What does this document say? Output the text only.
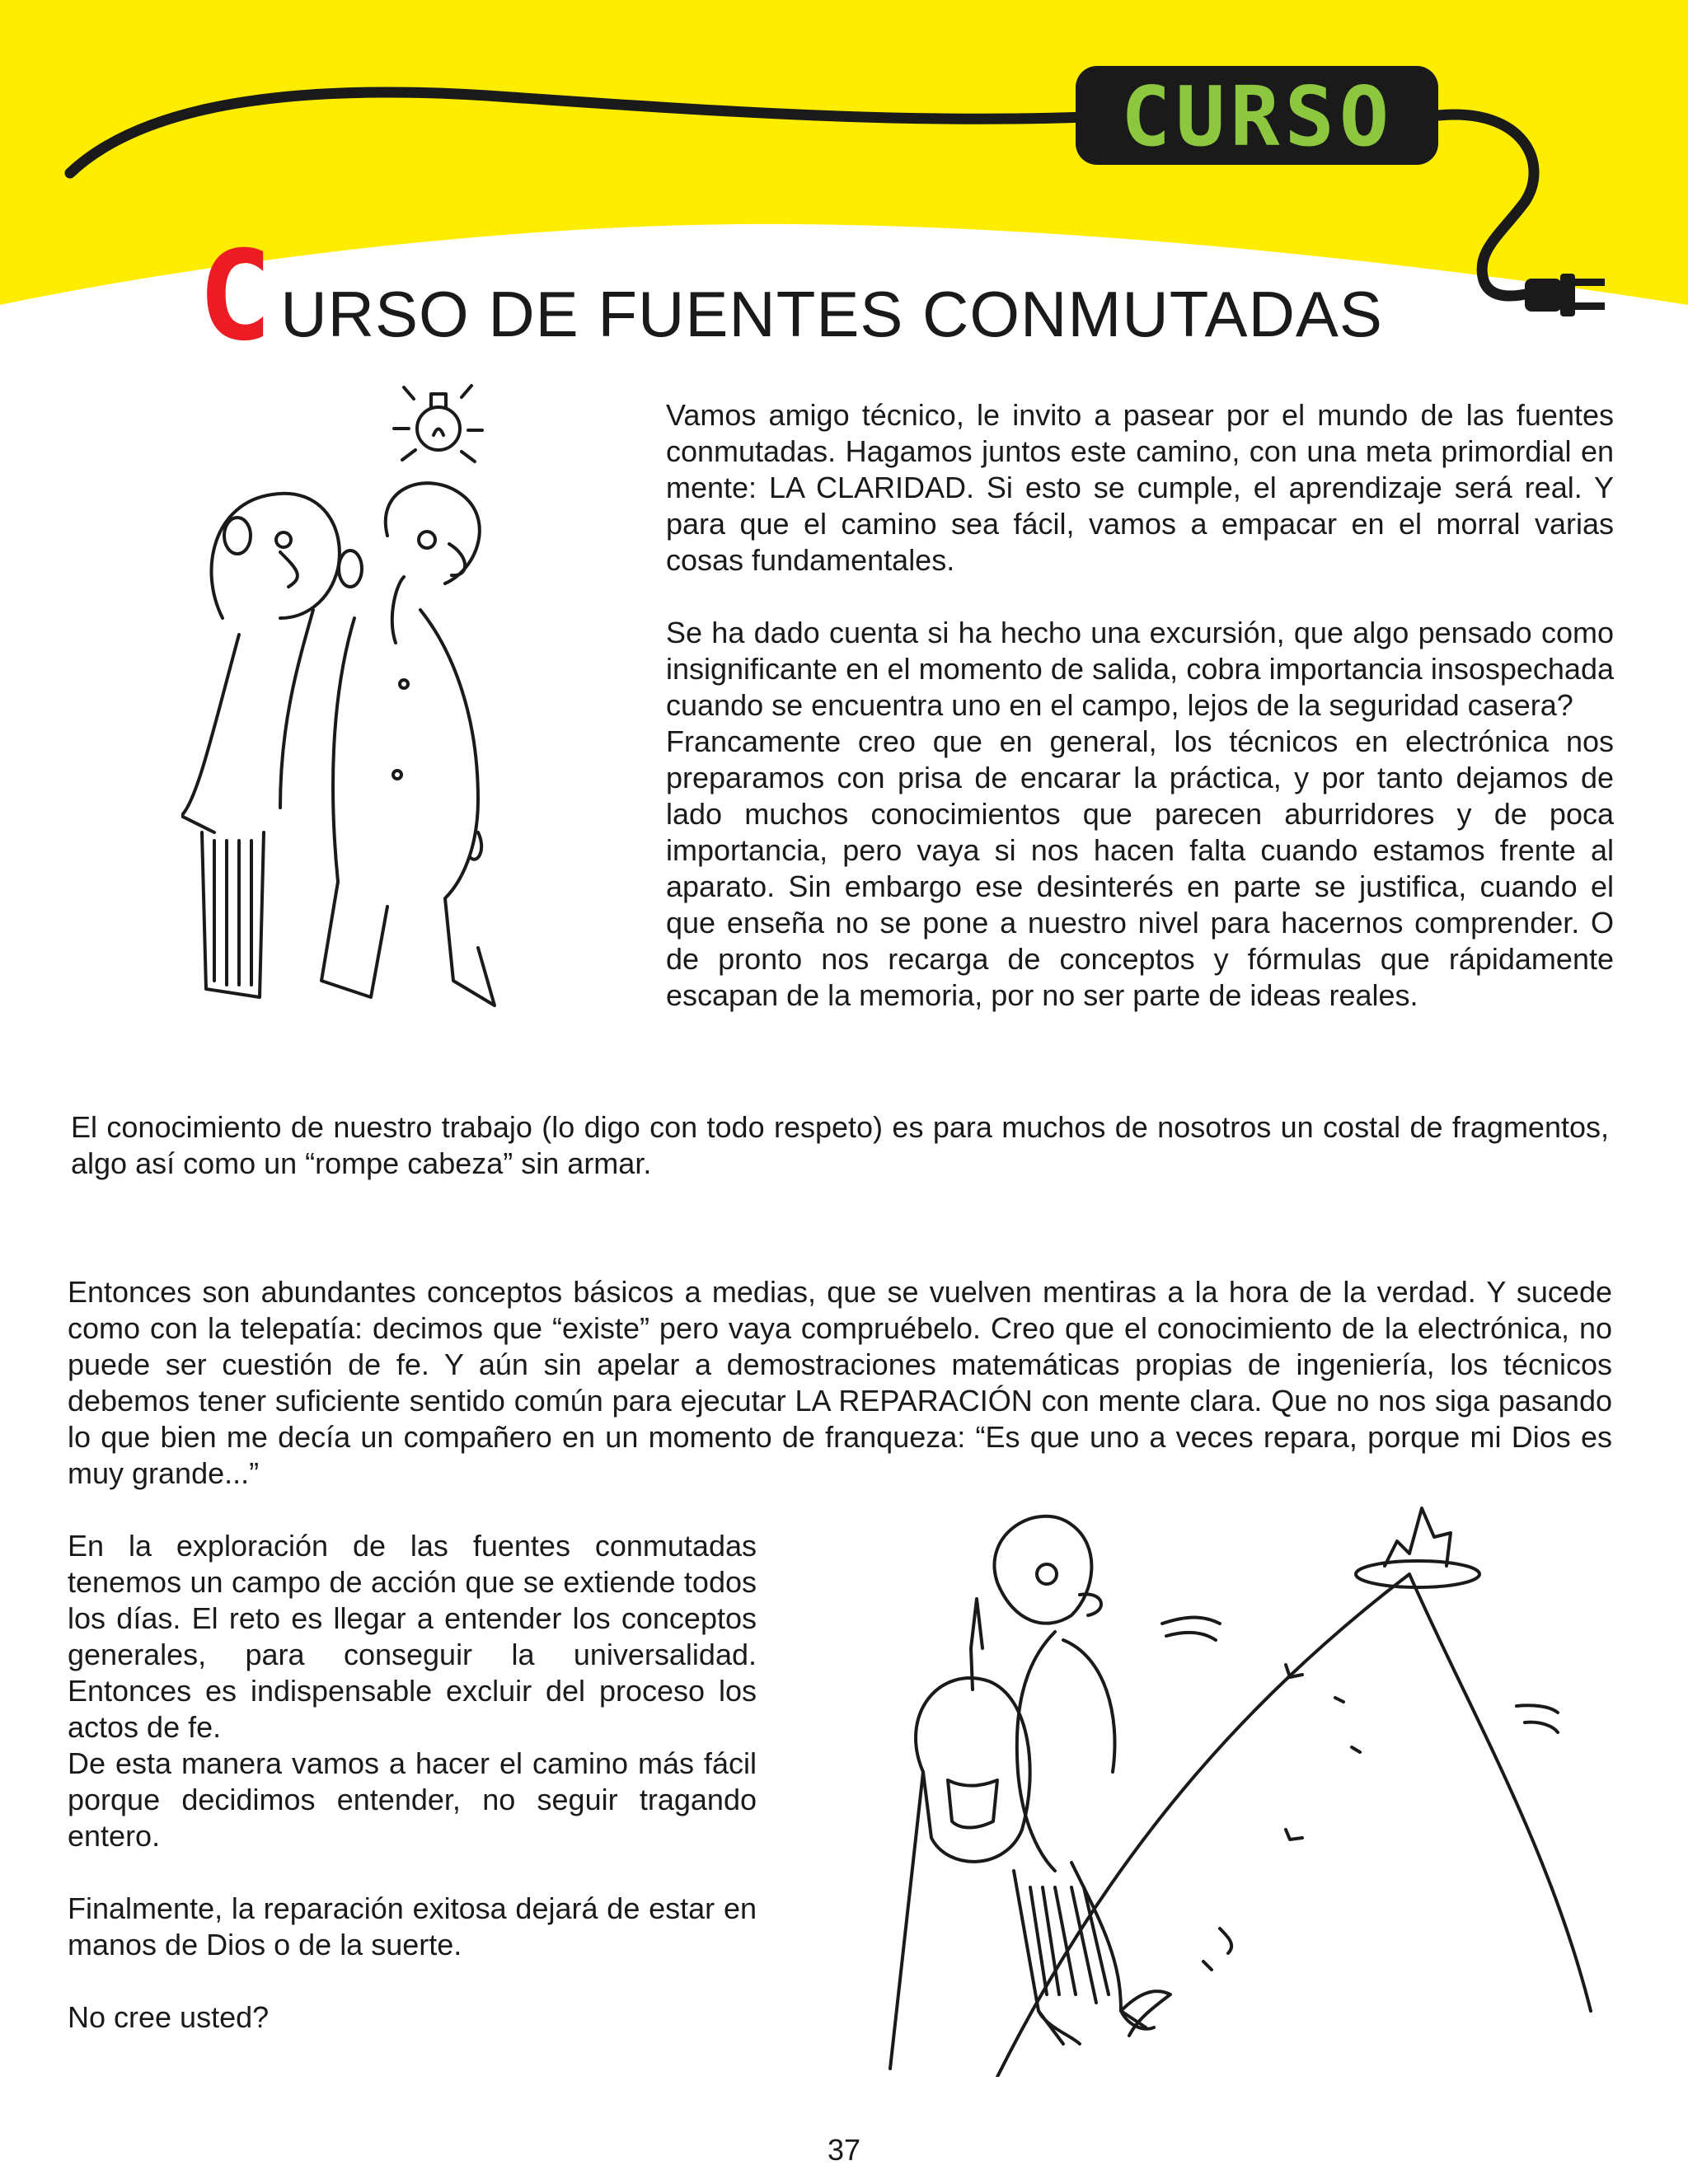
CURSO
C URSO DE FUENTES CONMUTADAS

Vamos amigo técnico, le invito a pasear por el mundo de las fuentes conmutadas. Hagamos juntos este camino, con una meta primordial en mente: LA CLARIDAD. Si esto se cumple, el aprendizaje será real. Y para que el camino sea fácil, vamos a empacar en el morral varias cosas fundamentales.

Se ha dado cuenta si ha hecho una excursión, que algo pensado como insignificante en el momento de salida, cobra importancia insospechada cuando se encuentra uno en el campo, lejos de la seguridad casera?

Francamente creo que en general, los técnicos en electrónica nos preparamos con prisa de encarar la práctica, y por tanto dejamos de lado muchos conocimientos que parecen aburridores y de poca importancia, pero vaya si nos hacen falta cuando estamos frente al aparato. Sin embargo ese desinterés en parte se justifica, cuando el que enseña no se pone a nuestro nivel para hacernos comprender. O de pronto nos recarga de conceptos y fórmulas que rápidamente escapan de la memoria, por no ser parte de ideas reales.

El conocimiento de nuestro trabajo (lo digo con todo respeto) es para muchos de nosotros un costal de fragmentos, algo así como un “rompe cabeza” sin armar.

Entonces son abundantes conceptos básicos a medias, que se vuelven mentiras a la hora de la verdad. Y sucede como con la telepatía: decimos que “existe” pero vaya compruébelo. Creo que el conocimiento de la electrónica, no puede ser cuestión de fe. Y aún sin apelar a demostraciones matemáticas propias de ingeniería, los técnicos debemos tener suficiente sentido común para ejecutar LA REPARACIÓN con mente clara. Que no nos siga pasando lo que bien me decía un compañero en un momento de franqueza: “Es que uno a veces repara, porque mi Dios es muy grande...”

En la exploración de las fuentes conmutadas tenemos un campo de acción que se extiende todos los días. El reto es llegar a entender los conceptos generales, para conseguir la universalidad. Entonces es indispensable excluir del proceso los actos de fe.

De esta manera vamos a hacer el camino más fácil porque decidimos entender, no seguir tragando entero.

Finalmente, la reparación exitosa dejará de estar en manos de Dios o de la suerte.

No cree usted?

37
